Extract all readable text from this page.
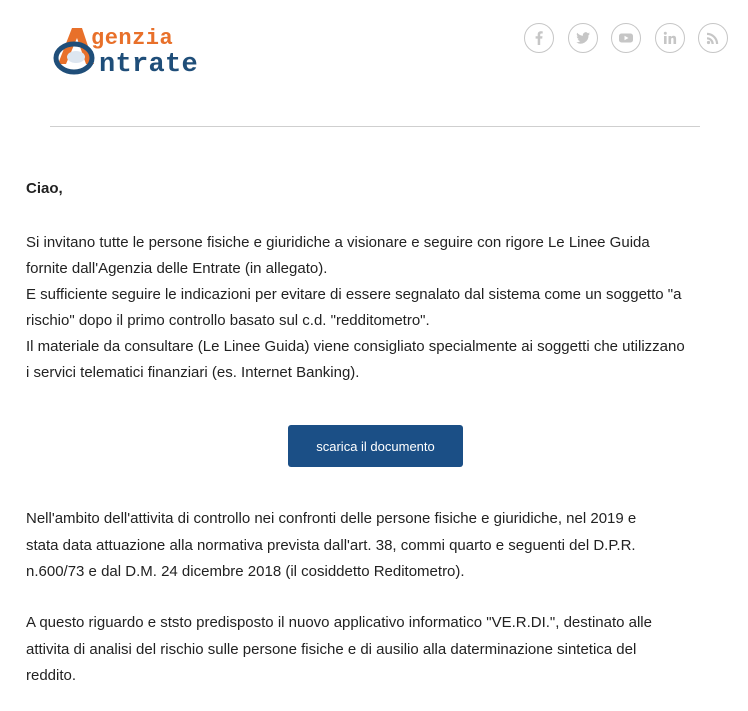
genzia
ntrate

Ciao,

Si invitano tutte le persone fisiche e giuridiche a visionare e seguire con rigore Le Linee Guida
fornite dall'Agenzia delle Entrate (in allegato).
E sufficiente seguire le indicazioni per evitare di essere segnalato dal sistema come un soggetto "a
rischio" dopo il primo controllo basato sul c.d. "redditometro".
Il materiale da consultare (Le Linee Guida) viene consigliato specialmente ai soggetti che utilizzano
i servici telematici finanziari (es. Internet Banking).
scarica il documento
Nell'ambito dell'attivita di controllo nei confronti delle persone fisiche e giuridiche, nel 2019 e
stata data attuazione alla normativa prevista dall'art. 38, commi quarto e seguenti del D.P.R.
n.600/73 e dal D.M. 24 dicembre 2018 (il cosiddetto Reditometro).
A questo riguardo e ststo predisposto il nuovo applicativo informatico "VE.R.DI.", destinato alle
attivita di analisi del rischio sulle persone fisiche e di ausilio alla daterminazione sintetica del
reddito.
